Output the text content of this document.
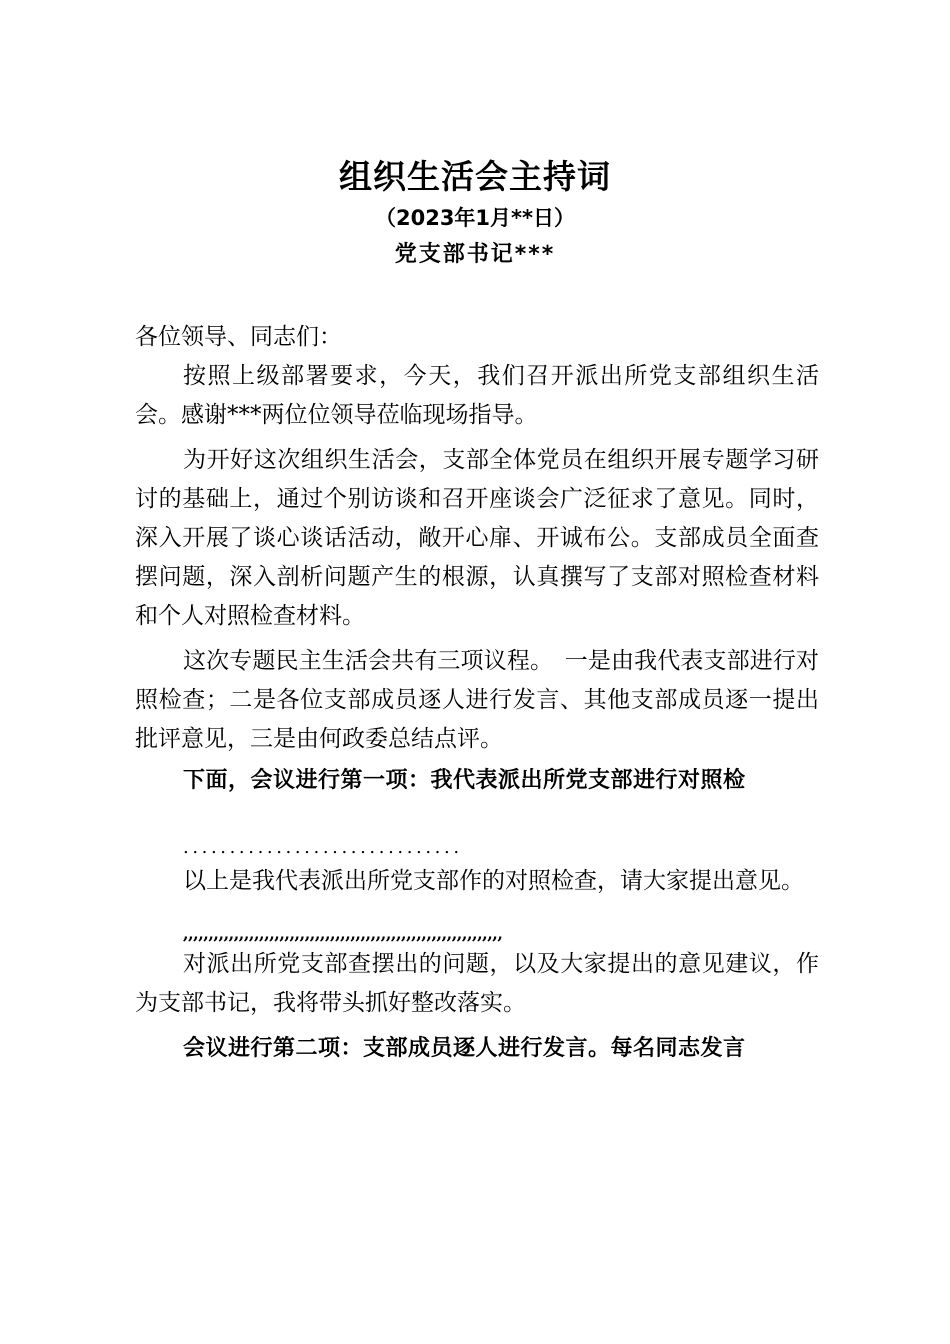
组织生活会主持词
（2023年1月**日）
党支部书记***

各位领导、同志们：

按照上级部署要求，今天，我们召开派出所党支部组织生活会。感谢***两位位领导莅临现场指导。

为开好这次组织生活会，支部全体党员在组织开展专题学习研讨的基础上，通过个别访谈和召开座谈会广泛征求了意见。同时，深入开展了谈心谈话活动，敞开心扉、开诚布公。支部成员全面查摆问题，深入剖析问题产生的根源，认真撰写了支部对照检查材料和个人对照检查材料。

这次专题民主生活会共有三项议程。　一是由我代表支部进行对照检查；二是各位支部成员逐人进行发言、其他支部成员逐一提出批评意见，三是由何政委总结点评。

下面，会议进行第一项：我代表派出所党支部进行对照检

..............................

以上是我代表派出所党支部作的对照检查，请大家提出意见。

,,,,,,,,,,,,,,,,,,,,,,,,,,,,,,,,,,,,,,,,,,,,,,,,,,,,,,,,,,,,,,,

对派出所党支部查摆出的问题，以及大家提出的意见建议，作为支部书记，我将带头抓好整改落实。

会议进行第二项：支部成员逐人进行发言。每名同志发言
